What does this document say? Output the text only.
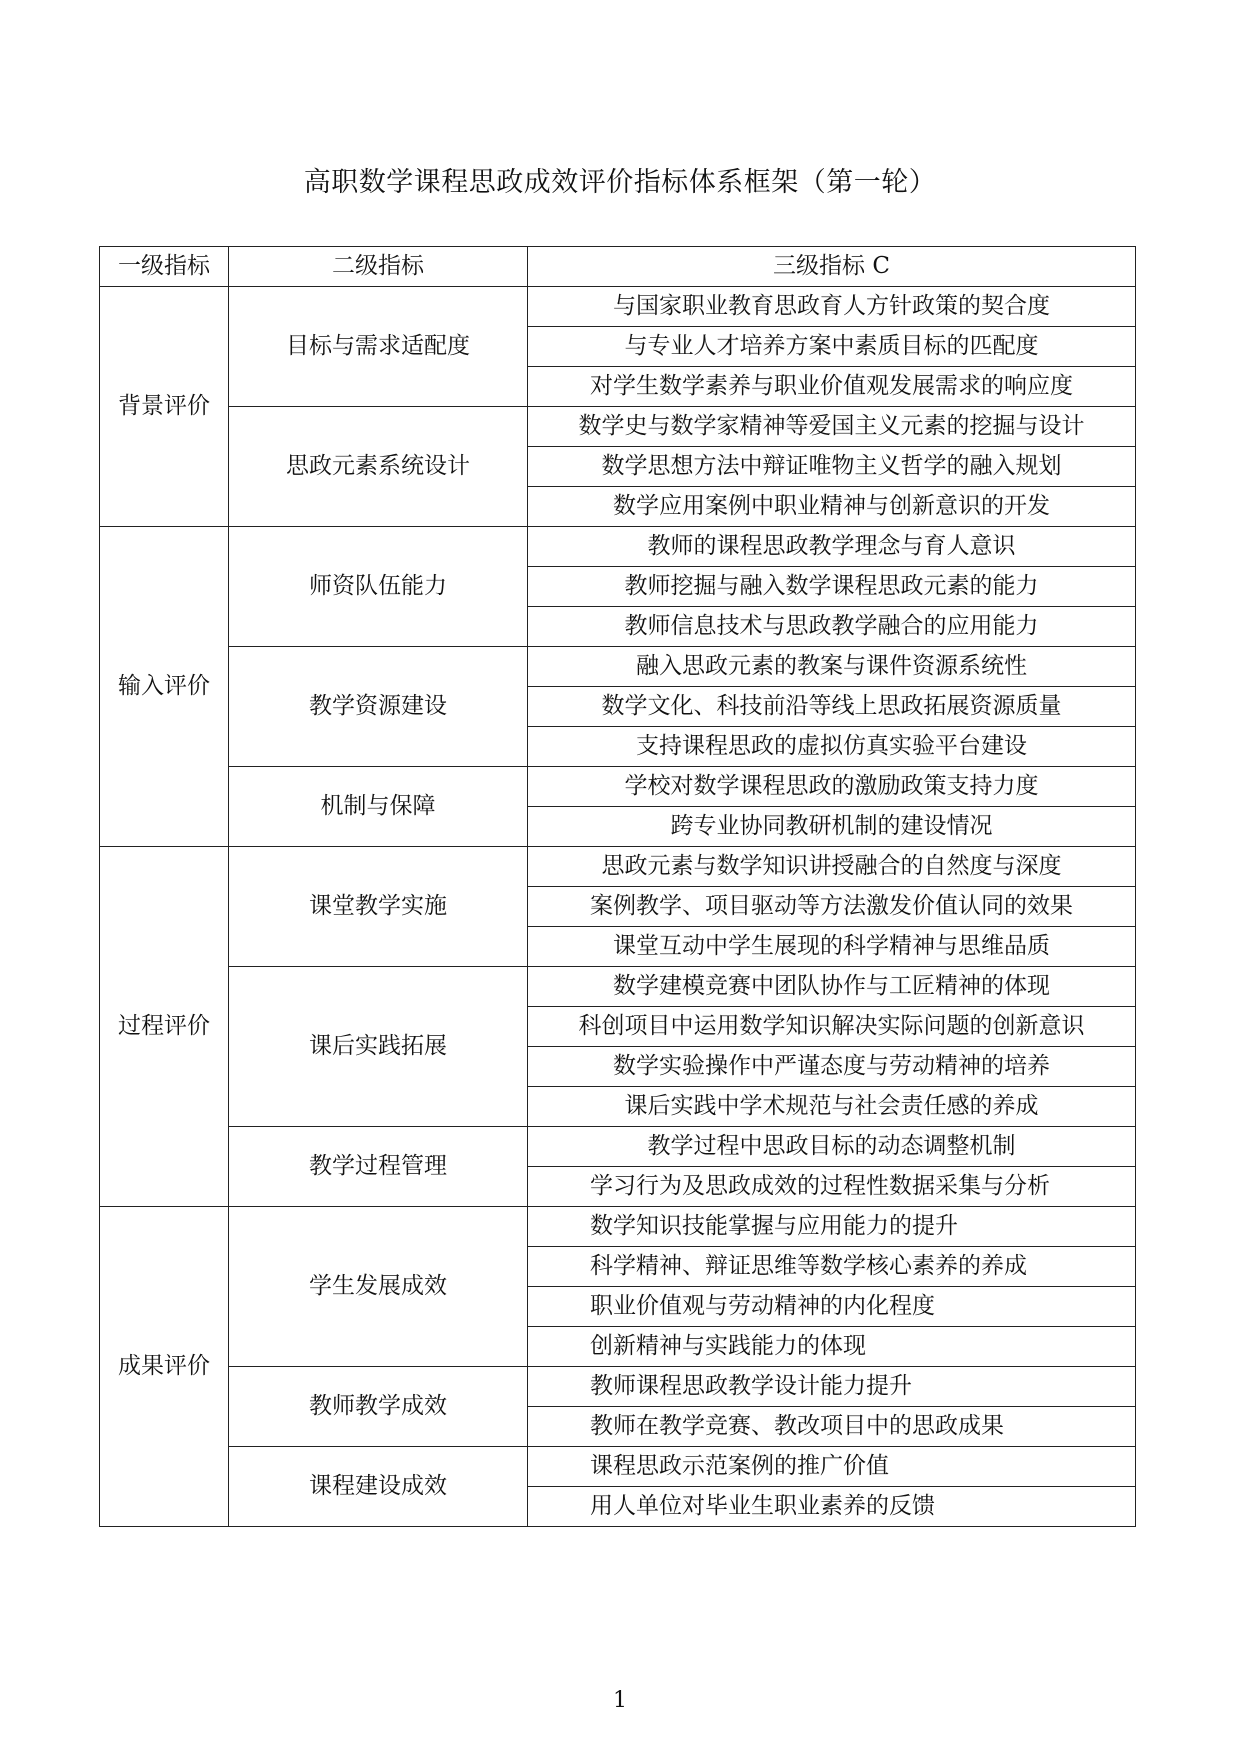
高职数学课程思政成效评价指标体系框架（第一轮）
一级指标	二级指标	三级指标 C
背景评价	目标与需求适配度	与国家职业教育思政育人方针政策的契合度
		与专业人才培养方案中素质目标的匹配度
		对学生数学素养与职业价值观发展需求的响应度
	思政元素系统设计	数学史与数学家精神等爱国主义元素的挖掘与设计
		数学思想方法中辩证唯物主义哲学的融入规划
		数学应用案例中职业精神与创新意识的开发
输入评价	师资队伍能力	教师的课程思政教学理念与育人意识
		教师挖掘与融入数学课程思政元素的能力
		教师信息技术与思政教学融合的应用能力
	教学资源建设	融入思政元素的教案与课件资源系统性
		数学文化、科技前沿等线上思政拓展资源质量
		支持课程思政的虚拟仿真实验平台建设
	机制与保障	学校对数学课程思政的激励政策支持力度
		跨专业协同教研机制的建设情况
过程评价	课堂教学实施	思政元素与数学知识讲授融合的自然度与深度
		案例教学、项目驱动等方法激发价值认同的效果
		课堂互动中学生展现的科学精神与思维品质
	课后实践拓展	数学建模竞赛中团队协作与工匠精神的体现
		科创项目中运用数学知识解决实际问题的创新意识
		数学实验操作中严谨态度与劳动精神的培养
		课后实践中学术规范与社会责任感的养成
	教学过程管理	教学过程中思政目标的动态调整机制
		学习行为及思政成效的过程性数据采集与分析
成果评价	学生发展成效	数学知识技能掌握与应用能力的提升
		科学精神、辩证思维等数学核心素养的养成
		职业价值观与劳动精神的内化程度
		创新精神与实践能力的体现
	教师教学成效	教师课程思政教学设计能力提升
		教师在教学竞赛、教改项目中的思政成果
	课程建设成效	课程思政示范案例的推广价值
		用人单位对毕业生职业素养的反馈
1
